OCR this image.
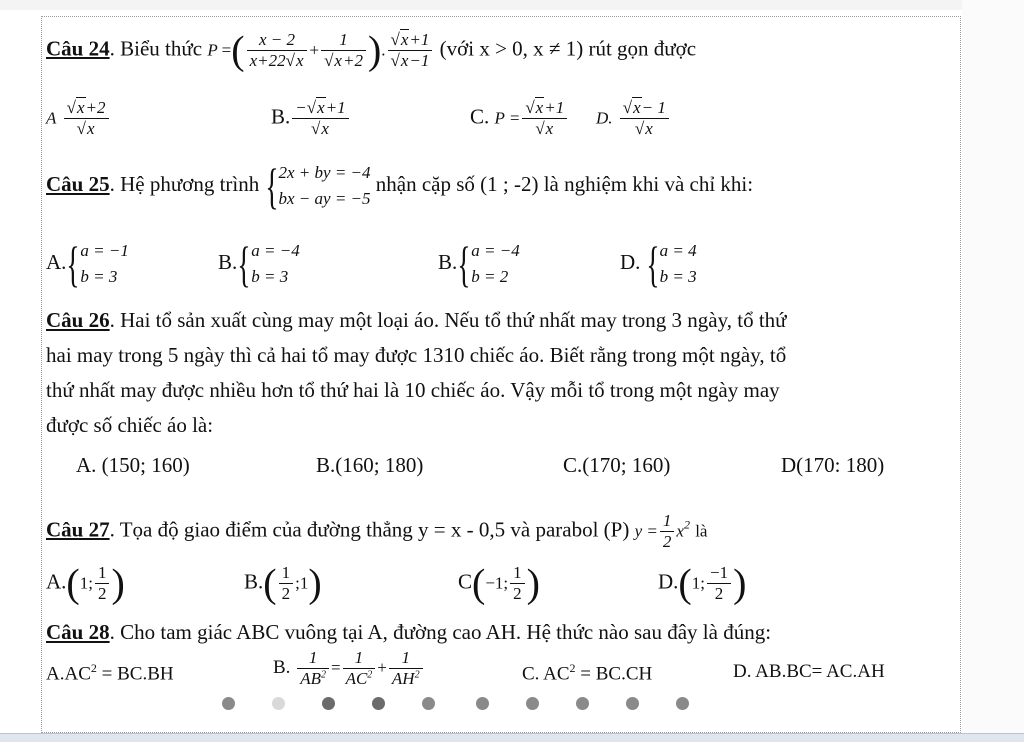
Câu 24. Biểu thức P =( $\frac{x - 2}{x+22√x} + \frac{1}{√x+2}$ ). $\frac{√x+1}{√x-1}$ (với x > 0, x ≠ 1) rút gọn được
A $\frac{√x+2}{√x}$	B. $\frac{-√x+1}{√x}$	C. $P = \frac{√x+1}{√x} D$. $\frac{√x- 1}{√x}$
Câu 25. Hệ phương trình {2x + by = −4
bx − ay = −5 nhận cặp số (1 ; -2) là nghiệm khi và chỉ khi:
A.{a = −1
b = 3
B.{a = −4
b = 3
B.{a = −4
b = 2
D. {a = 4
b = 3
Câu 26. Hai tổ sản xuất cùng may một loại áo. Nếu tổ thứ nhất may trong 3 ngày, tổ thứ
hai may trong 5 ngày thì cả hai tổ may được 1310 chiếc áo. Biết rằng trong một ngày, tổ
thứ nhất may được nhiều hơn tổ thứ hai là 10 chiếc áo. Vậy mỗi tổ trong một ngày may
được số chiếc áo là:
A. (150; 160)	B.(160; 180)	C.(170; 160)	D(170: 180)
Câu 27. Tọa độ giao điểm của đường thẳng y = x - 0,5 và parabol (P) $y = \frac{1}{2} x^2$ là
A.(1; $\frac{1}{2}$ )	$B.( \frac{1}{2}$ ;1)	C(−1; $\frac{1}{2}$ )	D.(1; $\frac{-1}{2}$ )
Câu 28. Cho tam giác ABC vuông tại A, đường cao AH. Hệ thức nào sau đây là đúng:
$A.AC^2 = BC.BH$	B. $\frac{1}{AB^2} = \frac{1}{AC^2} + \frac{1}{AH^2}$	C. $AC^2 = BC.CH$	D. AB.BC= AC.AH
